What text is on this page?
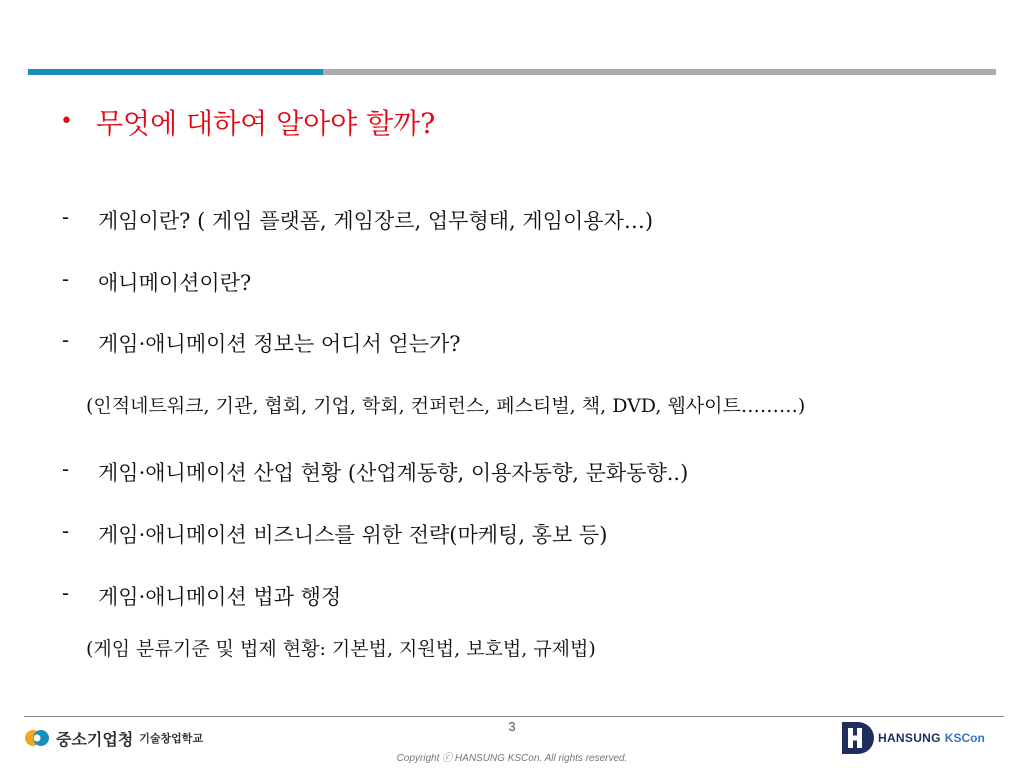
• 무엇에 대하여 알아야 할까?
-	게임이란? ( 게임 플랫폼, 게임장르, 업무형태, 게임이용자…)
-	애니메이션이란?
-	게임·애니메이션 정보는 어디서 얻는가?
(인적네트워크, 기관, 협회, 기업, 학회, 컨퍼런스, 페스티벌, 책, DVD, 웹사이트………)
-	게임·애니메이션 산업 현황 (산업계동향, 이용자동향, 문화동향..)
-	게임·애니메이션 비즈니스를 위한 전략(마케팅, 홍보 등)
-	게임·애니메이션 법과 행정
(게임 분류기준 및 법제 현황: 기본법, 지원법, 보호법, 규제법)
3
Copyright ⓒ HANSUNG KSCon. All rights reserved.
중소기업청 기술창업학교	HANSUNG KSCon
